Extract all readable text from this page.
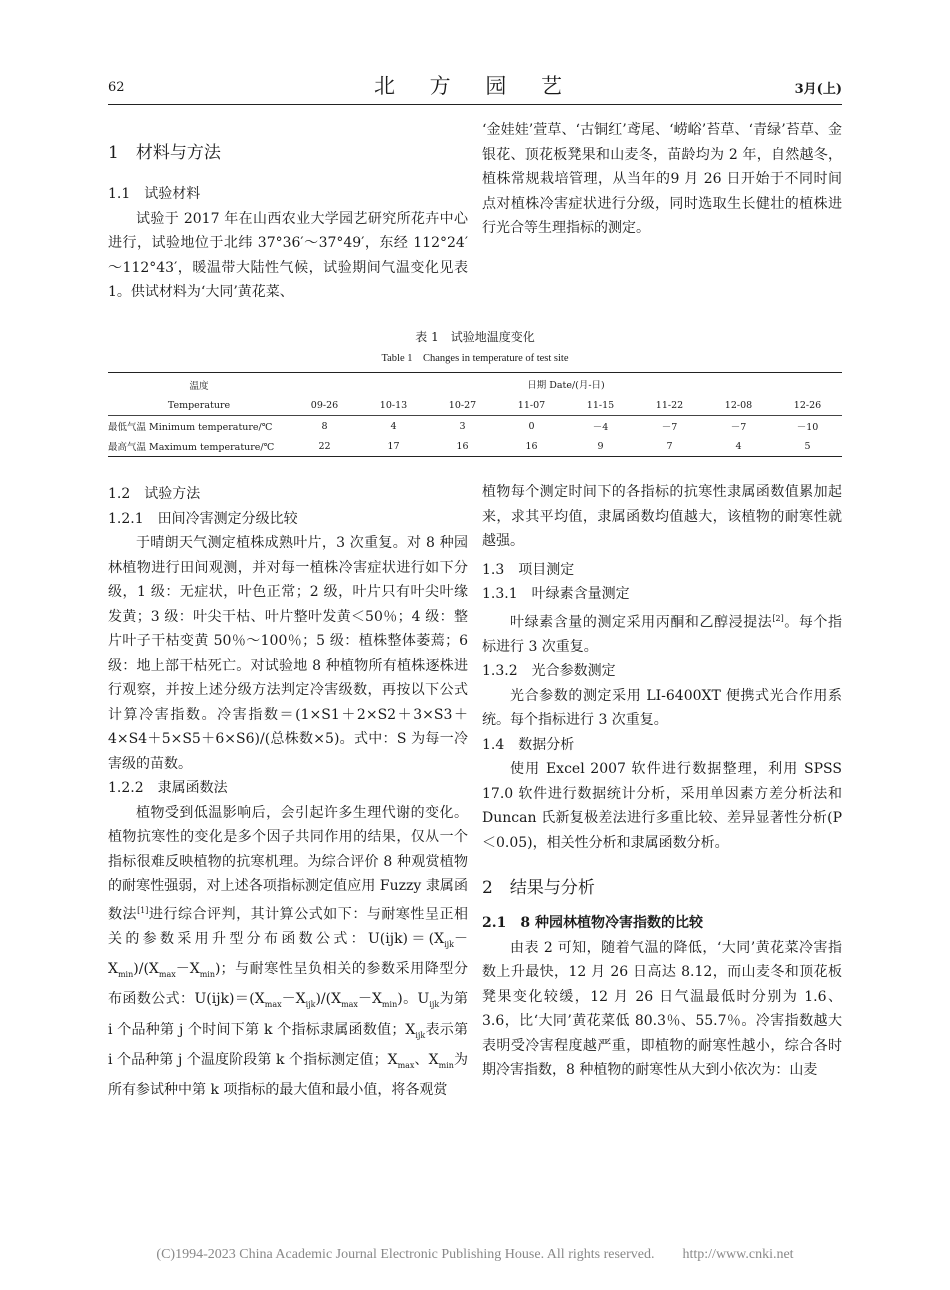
62	北 方 园 艺	3月(上)

1　材料与方法

1.1　试验材料

试验于 2017 年在山西农业大学园艺研究所花卉中心进行，试验地位于北纬 37°36′～37°49′，东经 112°24′～112°43′，暖温带大陆性气候，试验期间气温变化见表 1。供试材料为‘大同’黄花菜、

‘金娃娃’萱草、‘古铜红’鸢尾、‘崂峪’苔草、‘青绿’苔草、金银花、顶花板凳果和山麦冬，苗龄均为 2 年，自然越冬，植株常规栽培管理，从当年的9 月 26 日开始于不同时间点对植株冷害症状进行分级，同时选取生长健壮的植株进行光合等生理指标的测定。

表 1　试验地温度变化
Table 1　Changes in temperature of test site
温度
Temperature	日期 Date/(月-日)							
	09-26	10-13	10-27	11-07	11-15	11-22	12-08	12-26
最低气温 Minimum temperature/℃	8	4	3	0	－4	－7	－7	－10
最高气温 Maximum temperature/℃	22	17	16	16	9	7	4	5

1.2　试验方法

1.2.1　田间冷害测定分级比较

于晴朗天气测定植株成熟叶片，3 次重复。对 8 种园林植物进行田间观测，并对每一植株冷害症状进行如下分级，1 级：无症状，叶色正常；2 级，叶片只有叶尖叶缘发黄；3 级：叶尖干枯、叶片整叶发黄＜50％；4 级：整片叶子干枯变黄 50％～100％；5 级：植株整体萎蔫；6 级：地上部干枯死亡。对试验地 8 种植物所有植株逐株进行观察，并按上述分级方法判定冷害级数，再按以下公式计算冷害指数。冷害指数＝(1×S1＋2×S2＋3×S3＋4×S4＋5×S5＋6×S6)/(总株数×5)。式中：S 为每一冷害级的苗数。

1.2.2　隶属函数法

植物受到低温影响后，会引起许多生理代谢的变化。植物抗寒性的变化是多个因子共同作用的结果，仅从一个指标很难反映植物的抗寒机理。为综合评价 8 种观赏植物的耐寒性强弱，对上述各项指标测定值应用 Fuzzy 隶属函数法[1]进行综合评判，其计算公式如下：与耐寒性呈正相关的参数采用升型分布函数公式：$U(ijk)=(X_{ijk}-X_{min})/(X_{max}-X_{min})$；与耐寒性呈负相关的参数采用降型分布函数公式：$U(ijk)=(X_{max}-X_{ijk})/(X_{max}-X_{min})$。$U_{ijk}$为第 i 个品种第 j 个时间下第 k 个指标隶属函数值；$X_{ijk}$表示第 i 个品种第 j 个温度阶段第 k 个指标测定值；$X_{max}$、$X_{min}$为所有参试种中第 k 项指标的最大值和最小值，将各观赏

植物每个测定时间下的各指标的抗寒性隶属函数值累加起来，求其平均值，隶属函数均值越大，该植物的耐寒性就越强。

1.3　项目测定

1.3.1　叶绿素含量测定

叶绿素含量的测定采用丙酮和乙醇浸提法[2]。每个指标进行 3 次重复。

1.3.2　光合参数测定

光合参数的测定采用 LI-6400XT 便携式光合作用系统。每个指标进行 3 次重复。

1.4　数据分析

使用 Excel 2007 软件进行数据整理，利用 SPSS 17.0 软件进行数据统计分析，采用单因素方差分析法和 Duncan 氏新复极差法进行多重比较、差异显著性分析(P＜0.05)，相关性分析和隶属函数分析。

2　结果与分析

2.1　8 种园林植物冷害指数的比较

由表 2 可知，随着气温的降低，‘大同’黄花菜冷害指数上升最快，12 月 26 日高达 8.12，而山麦冬和顶花板凳果变化较缓，12 月 26 日气温最低时分别为 1.6、3.6，比‘大同’黄花菜低 80.3％、55.7％。冷害指数越大表明受冷害程度越严重，即植物的耐寒性越小，综合各时期冷害指数，8 种植物的耐寒性从大到小依次为：山麦

(C)1994-2023 China Academic Journal Electronic Publishing House. All rights reserved.　　http://www.cnki.net
